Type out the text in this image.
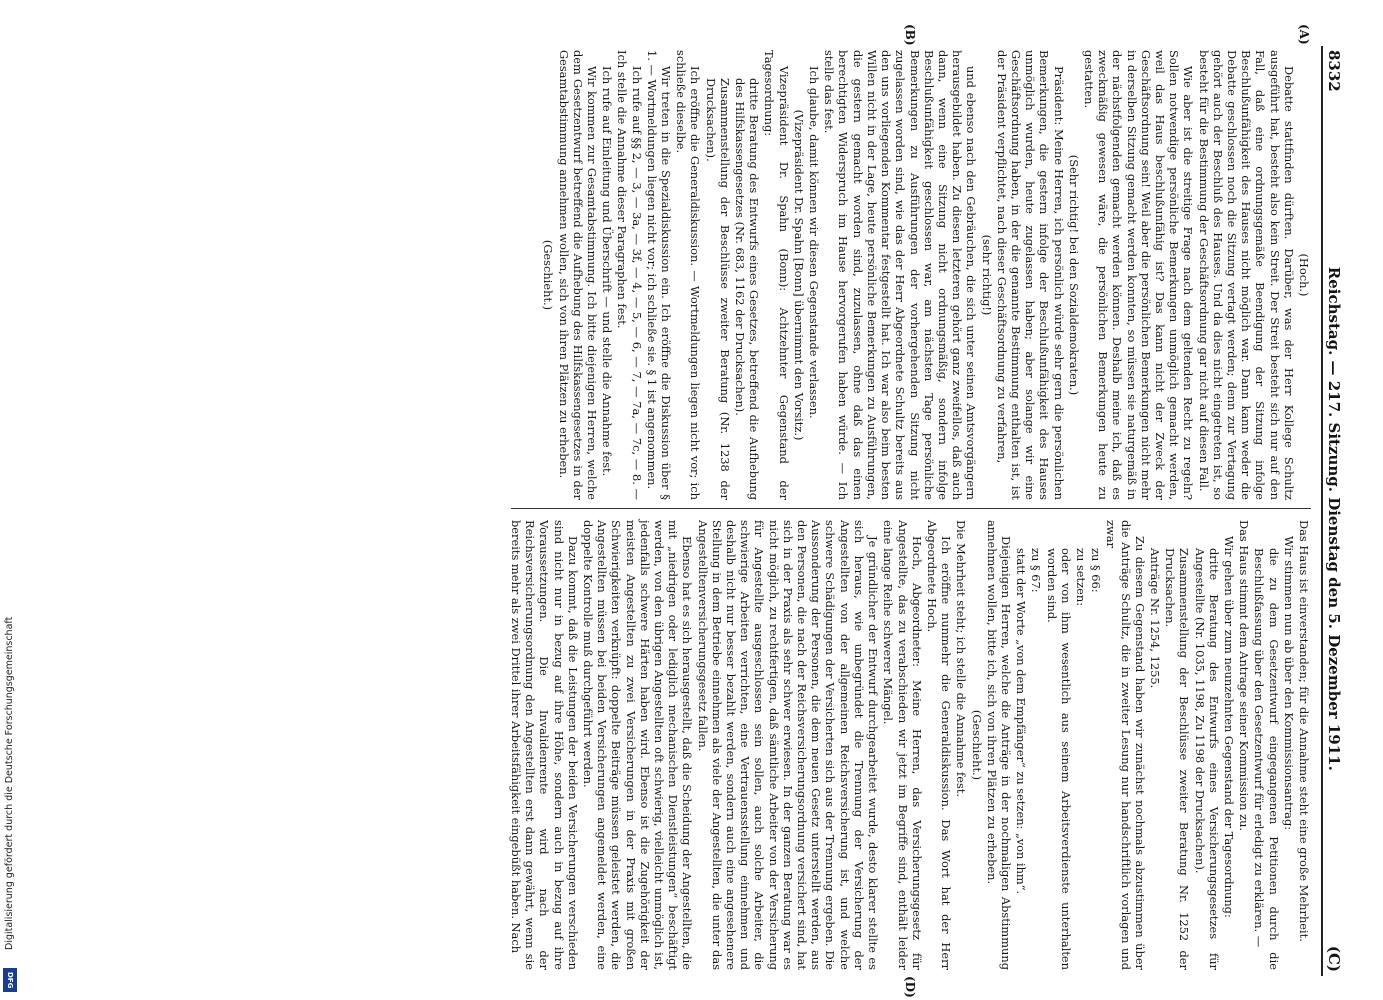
8332
Reichstag. — 217. Sitzung. Dienstag den 5. Dezember 1911.
(C)
(A)
(B)
(D)

(Hoch.)

Debatte stattfinden dürften. Darüber, was der Herr Kollege Schultz ausgeführt hat, besteht also kein Streit. Der Streit besteht sich nur auf den Fall, daß eine ordnungsgemäße Beendigung der Sitzung infolge Beschlußunfähigkeit des Hauses nicht möglich war. Dann kann weder die Debatte geschlossen noch die Sitzung vertagt werden; denn zur Vertagung gehört auch der Beschluß des Hauses. Und da dies nicht eingetreten ist, so besteht für die Bestimmung der Geschäftsordnung gar nicht auf diesen Fall.

Wie aber ist die streitige Frage nach dem geltenden Recht zu regeln? Sollen notwendige persönliche Bemerkungen unmöglich gemacht werden, weil das Haus beschlußunfähig ist? Das kann nicht der Zweck der Geschäftsordnung sein! Weil aber die persönlichen Bemerkungen nicht mehr in derselben Sitzung gemacht werden konnten, so müssen sie naturgemäß in der nächstfolgenden gemacht werden können. Deshalb meine ich, daß es zweckmäßig gewesen wäre, die persönlichen Bemerkungen heute zu gestatten.

(Sehr richtig! bei den Sozialdemokraten.)

Präsident: Meine Herren, ich persönlich würde sehr gern die persönlichen Bemerkungen, die gestern infolge der Beschlußunfähigkeit des Hauses unmöglich wurden, heute zugelassen haben; aber solange wir eine Geschäftsordnung haben, in der die genannte Bestimmung enthalten ist, ist der Präsident verpflichtet, nach dieser Geschäftsordnung zu verfahren,

(sehr richtig!)

und ebenso nach den Gebräuchen, die sich unter seinen Amtsvorgängern herausgebildet haben. Zu diesen letzteren gehört ganz zweifellos, daß auch dann, wenn eine Sitzung nicht ordnungsmäßig, sondern infolge Beschlußunfähigkeit geschlossen war, am nächsten Tage persönliche Bemerkungen zu Ausführungen der vorhergehenden Sitzung nicht zugelassen worden sind, wie das der Herr Abgeordnete Schultz bereits aus den uns vorliegenden Kommentar festgestellt hat. Ich war also beim besten Willen nicht in der Lage, heute persönliche Bemerkungen zu Ausführungen, die gestern gemacht worden sind, zuzulassen, ohne daß das einen berechtigten Widerspruch im Hause hervorgerufen haben würde. — Ich stelle das fest.

Ich glaube, damit können wir diesen Gegenstande verlassen.

(Vizepräsident Dr. Spahn [Bonn] übernimmt den Vorsitz.)

Vizepräsident Dr. Spahn (Bonn): Achtzehnter Gegenstand der Tagesordnung:

dritte Beratung des Entwurfs eines Gesetzes, betreffend die Aufhebung des Hilfskassengesetzes (Nr. 683, 1162 der Drucksachen).

Zusammenstellung der Beschlüsse zweiter Beratung (Nr. 1238 der Drucksachen).

Ich eröffne die Generaldiskussion. — Wortmeldungen liegen nicht vor; ich schließe dieselbe.

Wir treten in die Spezialdiskussion ein. Ich eröffne die Diskussion über § 1. — Wortmeldungen liegen nicht vor; ich schließe sie. § 1 ist angenommen.

Ich rufe auf §§ 2, — 3, — 3a, — 3f, — 4, — 5, — 6, — 7, — 7a, — 7c, — 8. — Ich stelle die Annahme dieser Paragraphen fest.

Ich rufe auf Einleitung und Überschrift — und stelle die Annahme fest.

Wir kommen zur Gesamtabstimmung. Ich bitte diejenigen Herren, welche dem Gesetzentwurf betreffend die Aufhebung des Hilfskassengesetzes in der Gesamtabstimmung annehmen wollen, sich von ihren Plätzen zu erheben.

(Geschieht.)

Das Haus ist einverstanden; für die Annahme steht eine große Mehrheit.

Wir stimmen nun ab über den Kommissionsantrag:

die zu dem Gesetzentwurf eingegangenen Petitionen durch die Beschlußfassung über den Gesetzentwurf für erledigt zu erklären. —

Das Haus stimmt dem Antrage seiner Kommission zu.

Wir gehen über zum neunzehnten Gegenstand der Tagesordnung:

dritte Beratung des Entwurfs eines Versicherungsgesetzes für Angestellte (Nr. 1035, 1198, Zu 1198 der Drucksachen).

Zusammenstellung der Beschlüsse zweiter Beratung Nr. 1252 der Drucksachen.

Anträge Nr. 1254, 1255.

Zu diesem Gegenstand haben wir zunächst nochmals abzustimmen über die Anträge Schultz, die in zweiter Lesung nur handschriftlich vorlagen und zwar

zu § 66:

zu setzen:

oder von ihm wesentlich aus seinem Arbeitsverdienste unterhalten worden sind.

zu § 67:

statt der Worte „von dem Empfänger“ zu setzen: „von ihm“.

Diejenigen Herren, welche die Anträge in der nochmaligen Abstimmung annehmen wollen, bitte ich, sich von ihren Plätzen zu erheben.

(Geschieht.)

Die Mehrheit steht; ich stelle die Annahme fest.

Ich eröffne nunmehr die Generaldiskussion. Das Wort hat der Herr Abgeordnete Hoch.

Hoch, Abgeordneter: Meine Herren, das Versicherungsgesetz für Angestellte, das zu verabschieden wir jetzt im Begriffe sind, enthält leider eine lange Reihe schwerer Mängel.

Je gründlicher der Entwurf durchgearbeitet wurde, desto klarer stellte es sich heraus, wie unbegründet die Trennung der Versicherung der Angestellten von der allgemeinen Reichsversicherung ist, und welche schwere Schädigungen der Versicherten sich aus der Trennung ergeben. Die Aussonderung der Personen, die dem neuen Gesetz unterstellt werden, aus den Personen, die nach der Reichsversicherungsordnung versichert sind, hat sich in der Praxis als sehr schwer erwiesen. In der ganzen Beratung war es nicht möglich, zu rechtfertigen, daß sämtliche Arbeiter von der Versicherung für Angestellte ausgeschlossen sein sollen, auch solche Arbeiter, die schwierige Arbeiten verrichten, eine Vertrauensstellung einnehmen und deshalb nicht nur besser bezahlt werden, sondern auch eine angesehenere Stellung in dem Betriebe einnehmen als viele der Angestellten, die unter das Angestelltenversicherungsgesetz fallen.

Ebenso hat es sich herausgestellt, daß die Scheidung der Angestellten, die mit „niedrigen oder lediglich mechanischen Dienstleistungen“ beschäftigt werden, von den übrigen Angestellten oft schwierig, vielleicht unmöglich ist, jedenfalls schwere Härten haben wird. Ebenso ist die Zugehörigkeit der meisten Angestellten zu zwei Versicherungen in der Praxis mit großen Schwierigkeiten verknüpft: doppelte Beiträge müssen geleistet werden, die Angestellten müssen bei beiden Versicherungen angemeldet werden, eine doppelte Kontrolle muß durchgeführt werden.

Dazu kommt, daß die Leistungen der beiden Versicherungen verschieden sind nicht nur in bezug auf ihre Höhe, sondern auch in bezug auf ihre Voraussetzungen. Die Invalidenrente wird nach der Reichsversicherungsordnung den Angestellten erst dann gewährt, wenn sie bereits mehr als zwei Drittel ihrer Arbeitsfähigkeit eingebüßt haben. Nach

Digitalisierung gefördert durch die Deutsche Forschungsgemeinschaft
DFG
